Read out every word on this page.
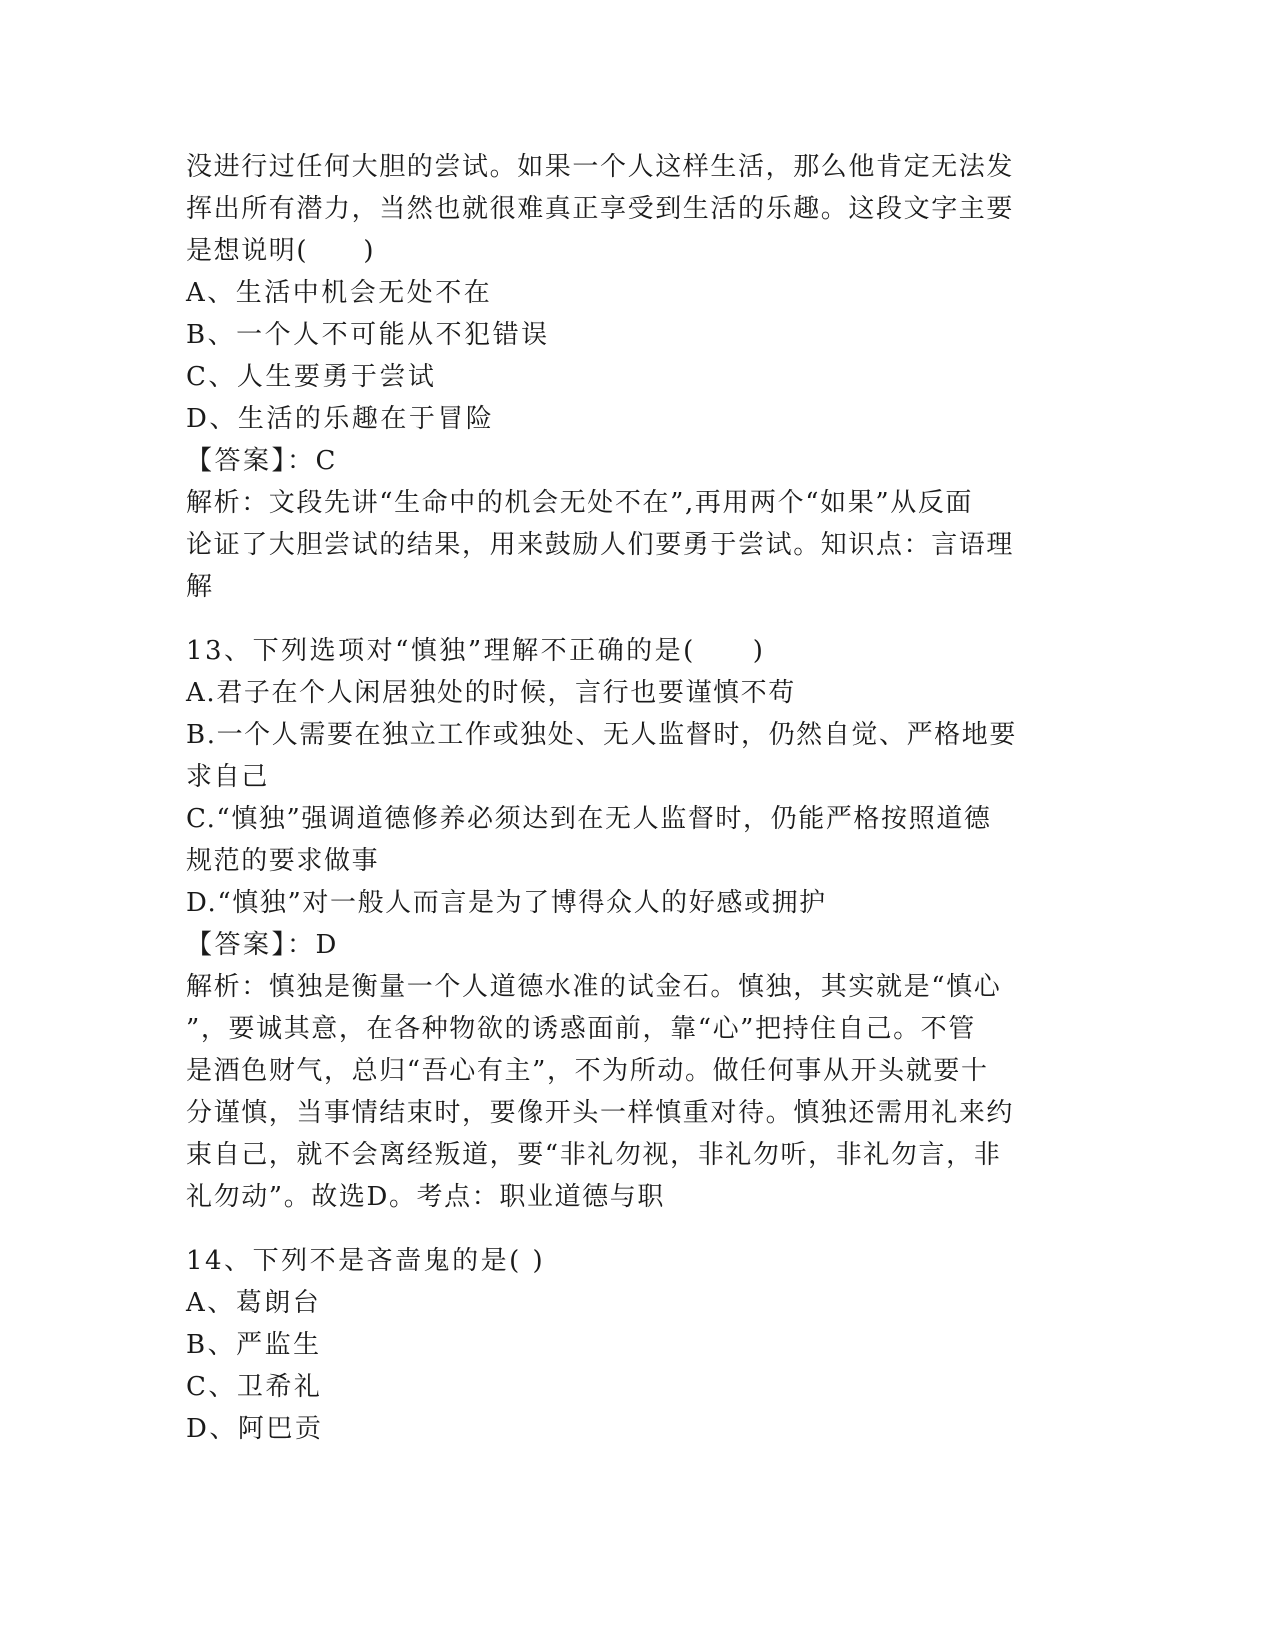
没进行过任何大胆的尝试。如果一个人这样生活，那么他肯定无法发
挥出所有潜力，当然也就很难真正享受到生活的乐趣。这段文字主要
是想说明(　　)
A、生活中机会无处不在
B、一个人不可能从不犯错误
C、人生要勇于尝试
D、生活的乐趣在于冒险
【答案】：C
解析：文段先讲“生命中的机会无处不在”,再用两个“如果”从反面
论证了大胆尝试的结果，用来鼓励人们要勇于尝试。知识点：言语理
解
13、下列选项对“慎独”理解不正确的是(　　)
A.君子在个人闲居独处的时候，言行也要谨慎不苟
B.一个人需要在独立工作或独处、无人监督时，仍然自觉、严格地要
求自己
C.“慎独”强调道德修养必须达到在无人监督时，仍能严格按照道德
规范的要求做事
D.“慎独”对一般人而言是为了博得众人的好感或拥护
【答案】：D
解析：慎独是衡量一个人道德水准的试金石。慎独，其实就是“慎心
”，要诚其意，在各种物欲的诱惑面前，靠“心”把持住自己。不管
是酒色财气，总归“吾心有主”，不为所动。做任何事从开头就要十
分谨慎，当事情结束时，要像开头一样慎重对待。慎独还需用礼来约
束自己，就不会离经叛道，要“非礼勿视，非礼勿听，非礼勿言，非
礼勿动”。故选D。考点：职业道德与职
14、下列不是吝啬鬼的是( )
A、葛朗台
B、严监生
C、卫希礼
D、阿巴贡
